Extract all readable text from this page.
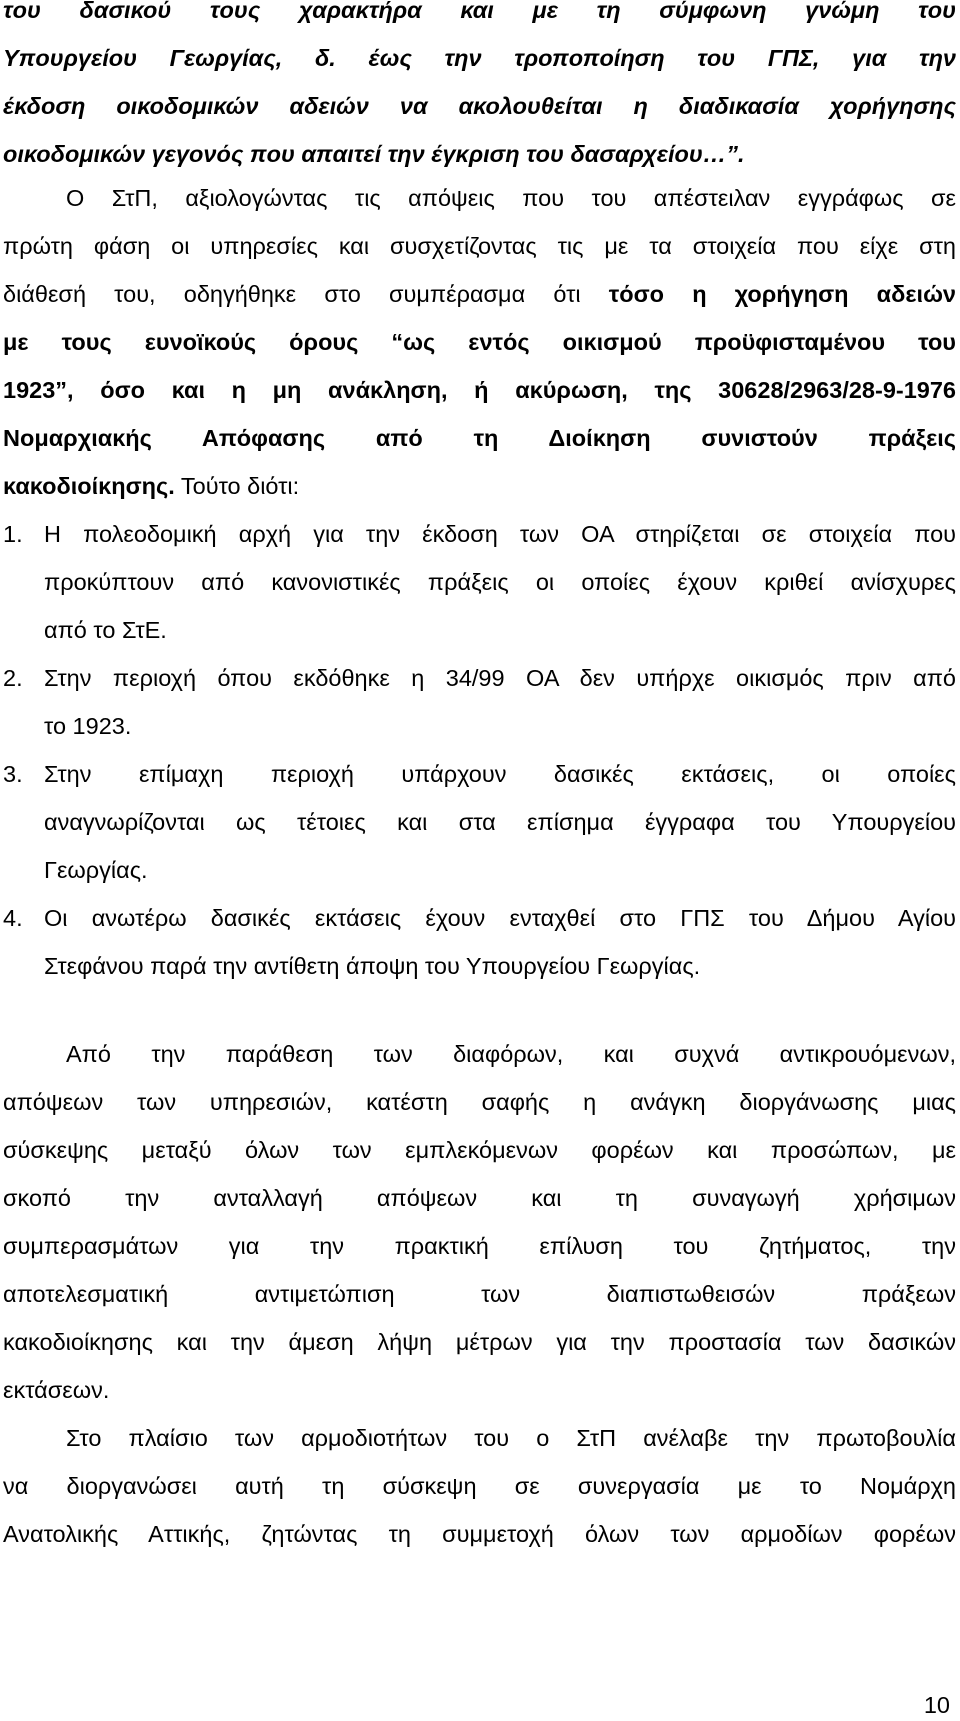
του δασικού τους χαρακτήρα και με τη σύμφωνη γνώμη του
Υπουργείου Γεωργίας, δ. έως την τροποποίηση του ΓΠΣ, για την
έκδοση οικοδομικών αδειών να ακολουθείται η διαδικασία χορήγησης
οικοδομικών γεγονός που απαιτεί την έγκριση του δασαρχείου…”.
Ο ΣτΠ, αξιολογώντας τις απόψεις που του απέστειλαν εγγράφως σε
πρώτη φάση οι υπηρεσίες και συσχετίζοντας τις με τα στοιχεία που είχε στη
διάθεσή του, οδηγήθηκε στο συμπέρασμα ότι τόσο η χορήγηση αδειών
με τους ευνοϊκούς όρους “ως εντός οικισμού προϋφισταμένου του
1923”, όσο και η μη ανάκληση, ή ακύρωση, της 30628/2963/28-9-1976
Νομαρχιακής Απόφασης από τη Διοίκηση συνιστούν πράξεις
κακοδιοίκησης. Τούτο διότι:
1. Η πολεοδομική αρχή για την έκδοση των ΟΑ στηρίζεται σε στοιχεία που
προκύπτουν από κανονιστικές πράξεις οι οποίες έχουν κριθεί ανίσχυρες
από το ΣτΕ.
2. Στην περιοχή όπου εκδόθηκε η 34/99 ΟΑ δεν υπήρχε οικισμός πριν από
το 1923.
3. Στην επίμαχη περιοχή υπάρχουν δασικές εκτάσεις, οι οποίες
αναγνωρίζονται ως τέτοιες και στα επίσημα έγγραφα του Υπουργείου
Γεωργίας.
4. Οι ανωτέρω δασικές εκτάσεις έχουν ενταχθεί στο ΓΠΣ του Δήμου Αγίου
Στεφάνου παρά την αντίθετη άποψη του Υπουργείου Γεωργίας.
Από την παράθεση των διαφόρων, και συχνά αντικρουόμενων,
απόψεων των υπηρεσιών, κατέστη σαφής η ανάγκη διοργάνωσης μιας
σύσκεψης μεταξύ όλων των εμπλεκόμενων φορέων και προσώπων, με
σκοπό την ανταλλαγή απόψεων και τη συναγωγή χρήσιμων
συμπερασμάτων για την πρακτική επίλυση του ζητήματος, την
αποτελεσματική αντιμετώπιση των διαπιστωθεισών πράξεων
κακοδιοίκησης και την άμεση λήψη μέτρων για την προστασία των δασικών
εκτάσεων.
Στο πλαίσιο των αρμοδιοτήτων του ο ΣτΠ ανέλαβε την πρωτοβουλία
να διοργανώσει αυτή τη σύσκεψη σε συνεργασία με το Νομάρχη
Ανατολικής Αττικής, ζητώντας τη συμμετοχή όλων των αρμοδίων φορέων
10
